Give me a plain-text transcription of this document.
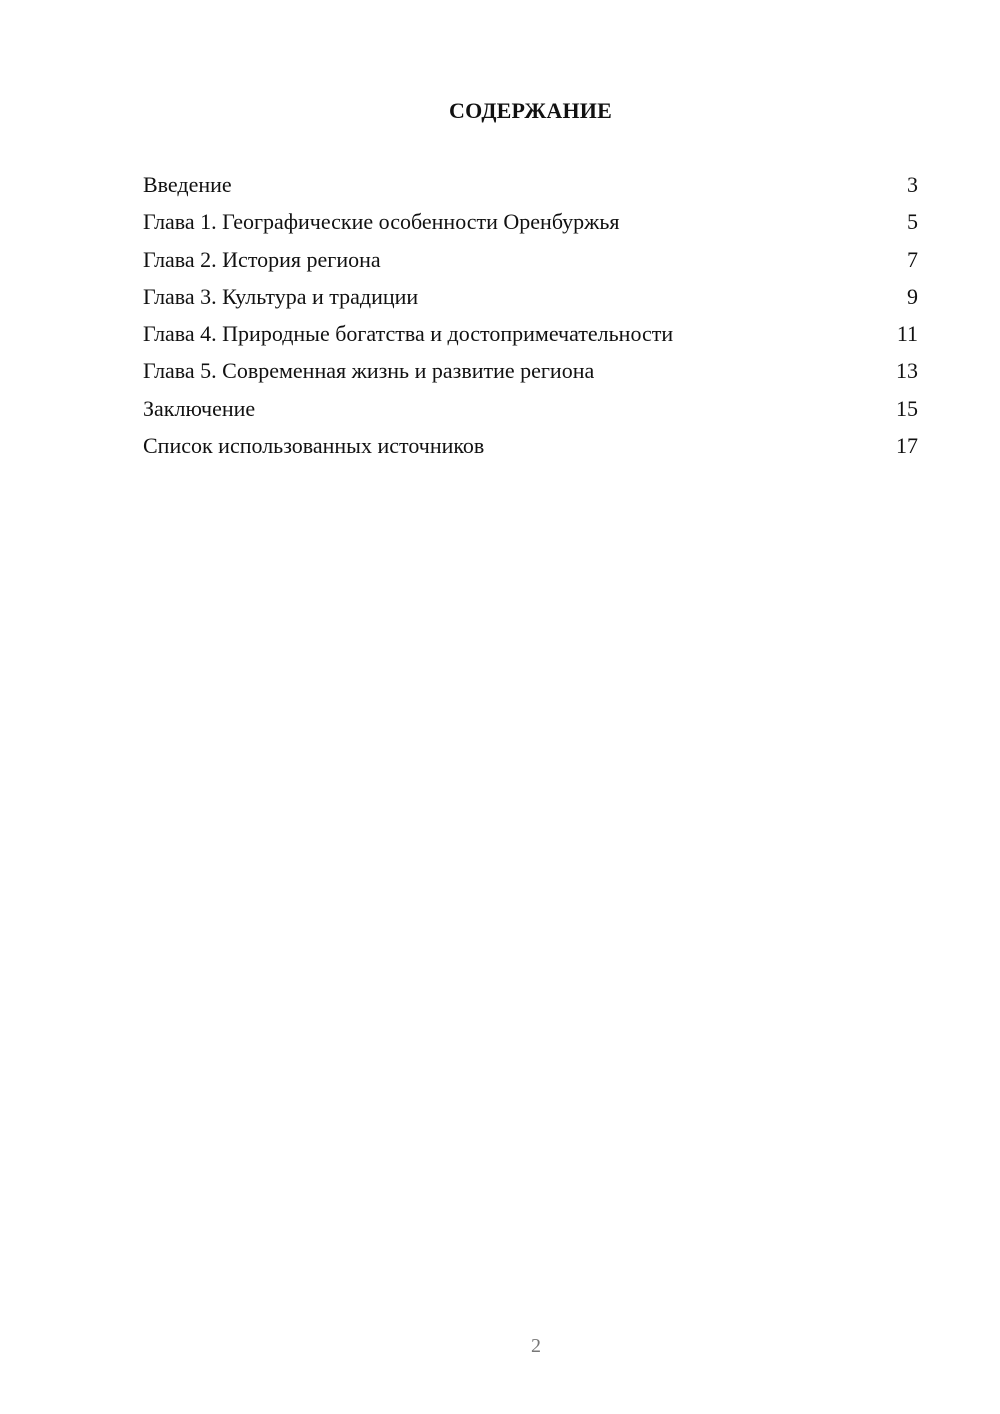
СОДЕРЖАНИЕ
Введение	3
Глава 1. Географические особенности Оренбуржья	5
Глава 2. История региона	7
Глава 3. Культура и традиции	9
Глава 4. Природные богатства и достопримечательности	11
Глава 5. Современная жизнь и развитие региона	13
Заключение	15
Список использованных источников	17
2
